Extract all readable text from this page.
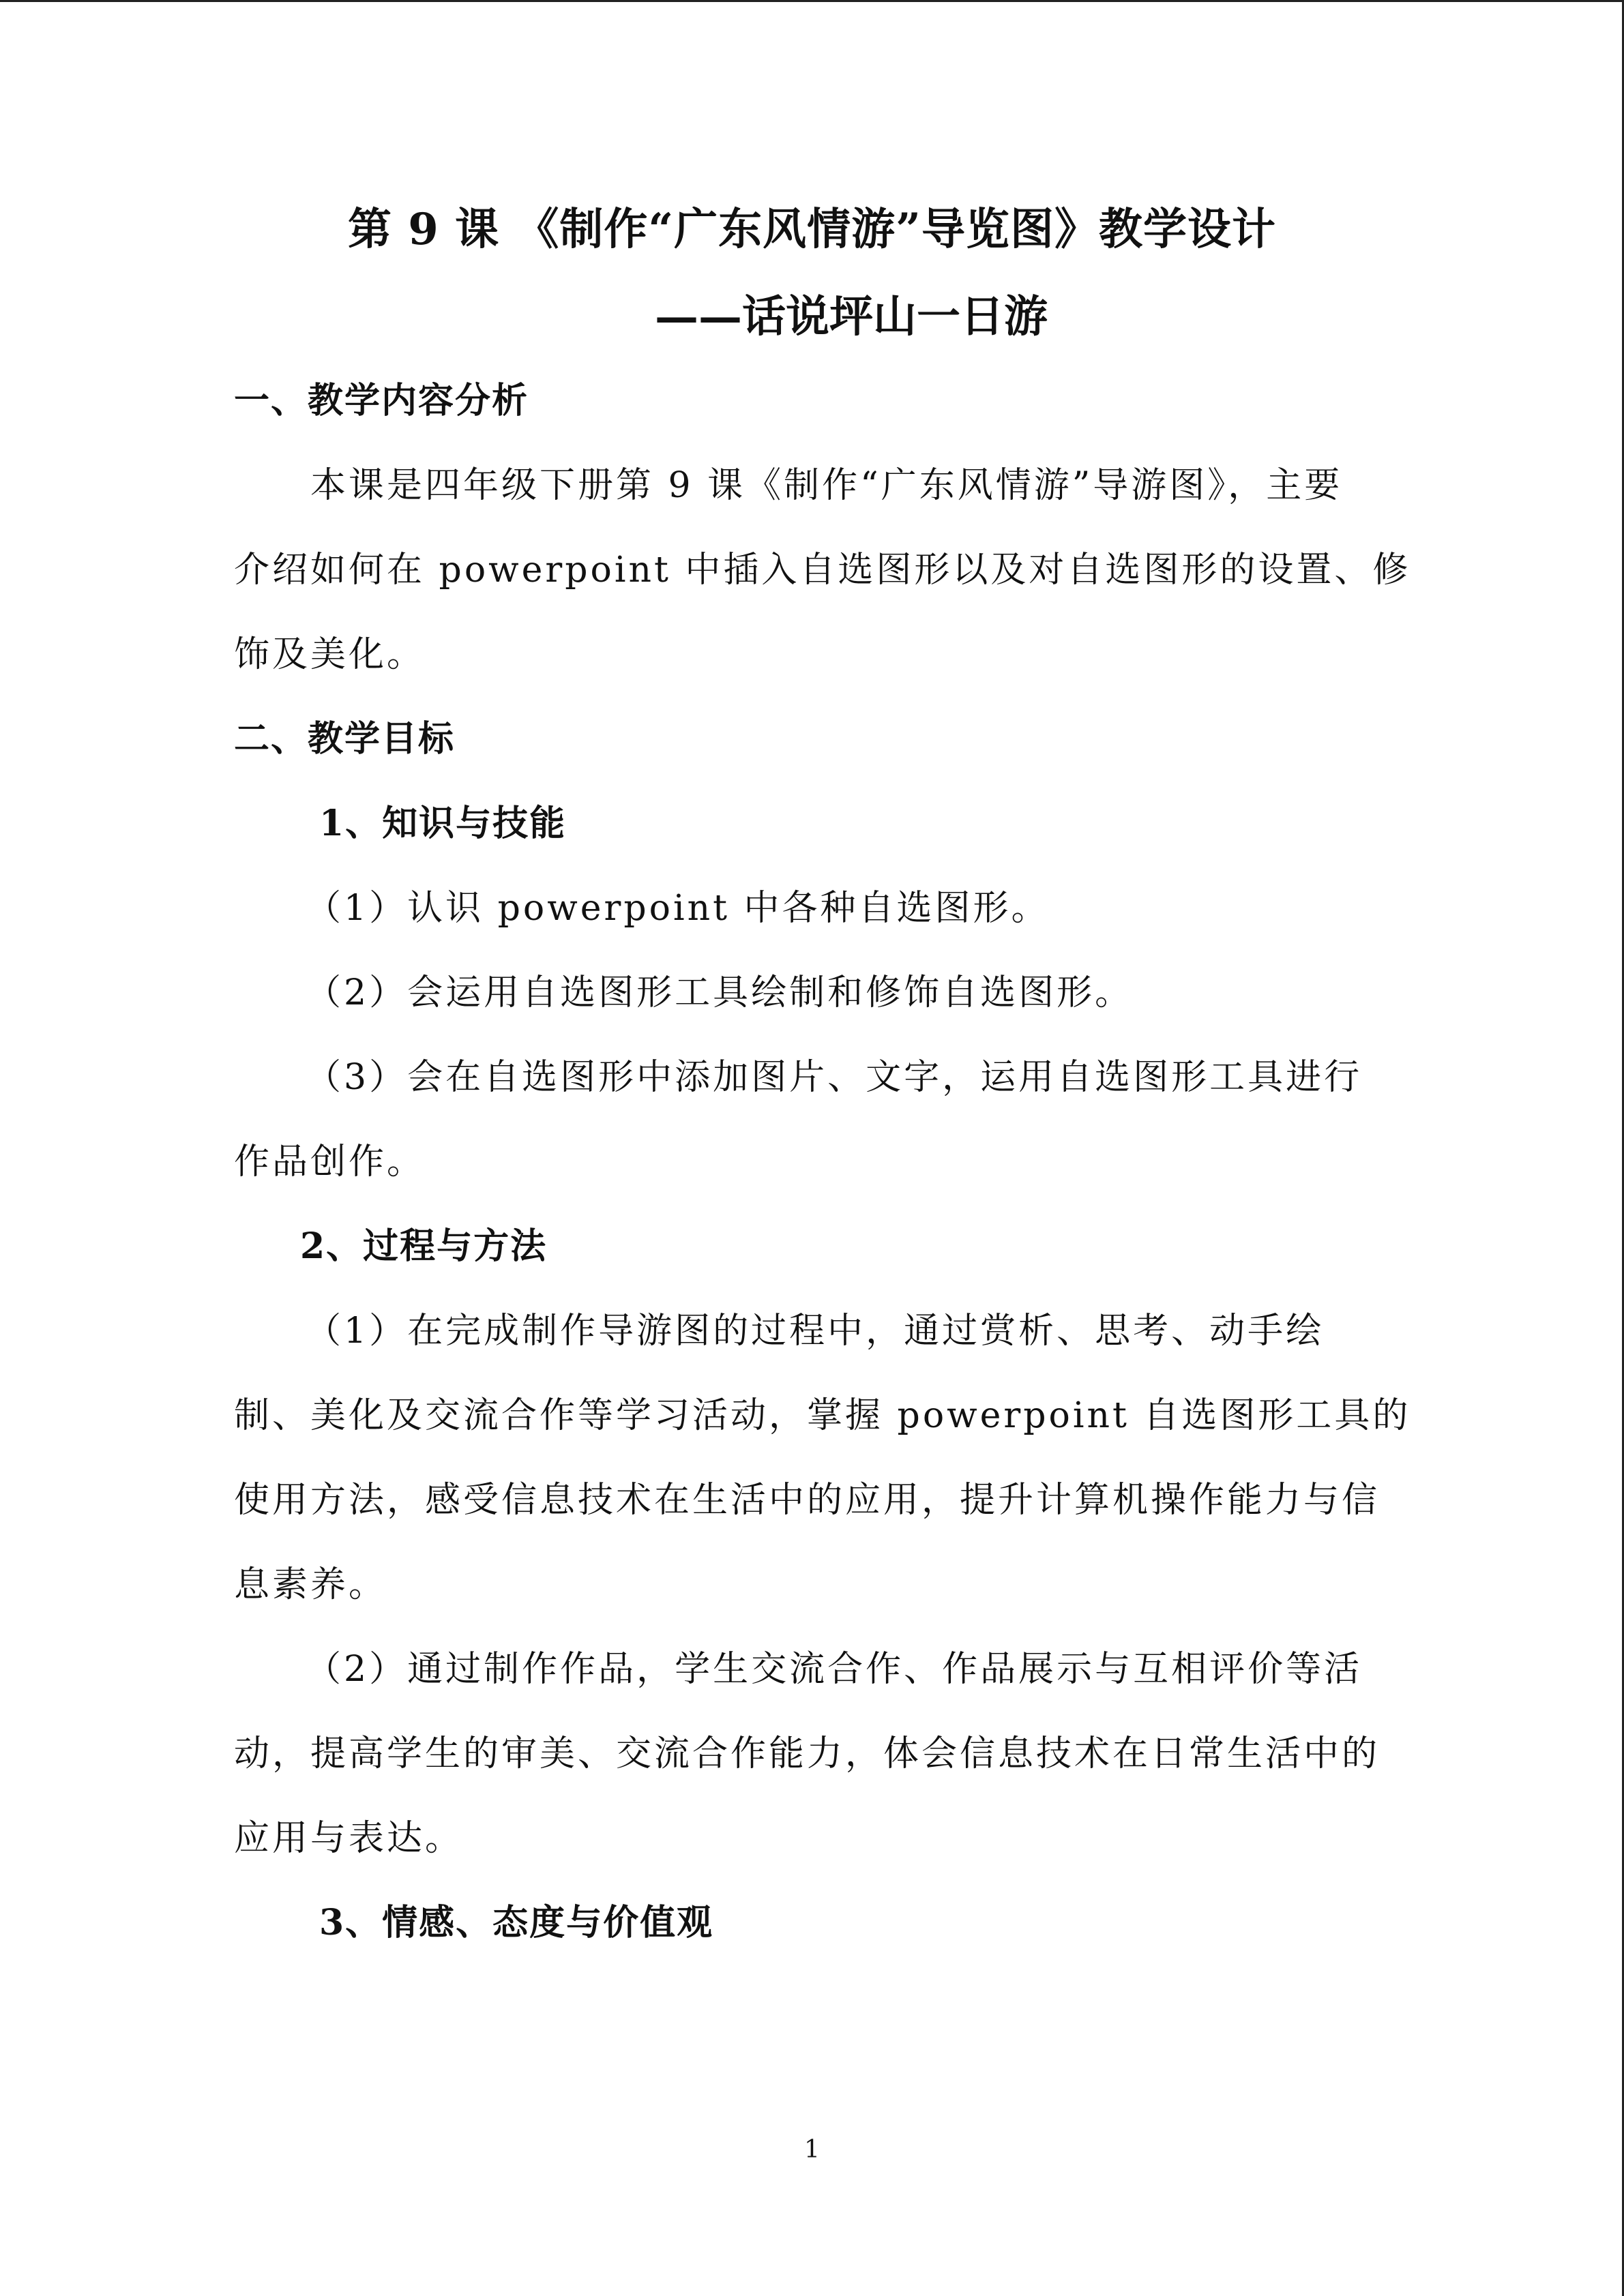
第 9 课 《制作“广东风情游”导览图》教学设计
——话说坪山一日游
一、教学内容分析
本课是四年级下册第 9 课《制作“广东风情游”导游图》，主要
介绍如何在 powerpoint 中插入自选图形以及对自选图形的设置、修
饰及美化。
二、教学目标
1、知识与技能
（1）认识 powerpoint 中各种自选图形。
（2）会运用自选图形工具绘制和修饰自选图形。
（3）会在自选图形中添加图片、文字，运用自选图形工具进行
作品创作。
2、过程与方法
（1）在完成制作导游图的过程中，通过赏析、思考、动手绘
制、美化及交流合作等学习活动，掌握 powerpoint 自选图形工具的
使用方法，感受信息技术在生活中的应用，提升计算机操作能力与信
息素养。
（2）通过制作作品，学生交流合作、作品展示与互相评价等活
动，提高学生的审美、交流合作能力，体会信息技术在日常生活中的
应用与表达。
3、情感、态度与价值观
1
